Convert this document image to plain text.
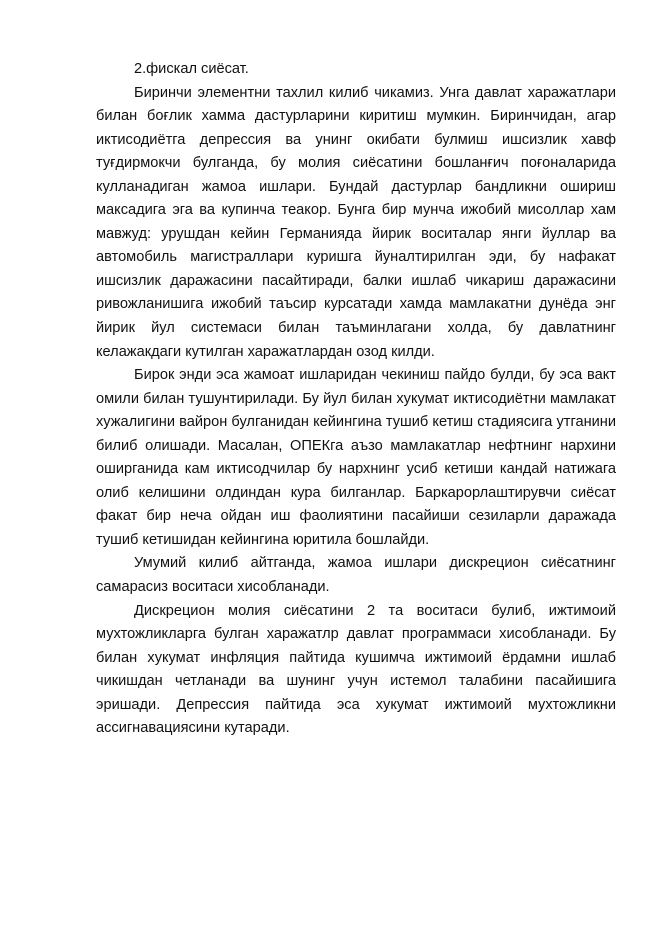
2.фискал сиёсат.

Биринчи элементни тахлил килиб чикамиз. Унга давлат харажатлари билан боғлик хамма дастурларини киритиш мумкин. Биринчидан, агар иктисодиётга депрессия ва унинг окибати булмиш ишсизлик хавф туғдирмокчи булганда, бу молия сиёсатини бошланғич поғоналарида кулланадиган жамоа ишлари. Бундай дастурлар бандликни ошириш максадига эга ва купинча теакор. Бунга бир мунча ижобий мисоллар хам мавжуд: урушдан кейин Германияда йирик воситалар янги йуллар ва автомобиль магистраллари куришга йуналтирилган эди, бу нафакат ишсизлик даражасини пасайтиради, балки ишлаб чикариш даражасини ривожланишига ижобий таъсир курсатади хамда мамлакатни дунёда энг йирик йул системаси билан таъминлагани холда, бу давлатнинг келажакдаги кутилган харажатлардан озод килди.

Бирок энди эса жамоат ишларидан чекиниш пайдо булди, бу эса вакт омили билан тушунтирилади. Бу йул билан хукумат иктисодиётни мамлакат хужалигини вайрон булганидан кейингина тушиб кетиш стадиясига утганини билиб олишади. Масалан, ОПЕКга аъзо мамлакатлар нефтнинг нархини оширганида кам иктисодчилар бу нархнинг усиб кетиши кандай натижага олиб келишини олдиндан кура билганлар. Баркарорлаштирувчи сиёсат факат бир неча ойдан иш фаолиятини пасайиши сезиларли даражада тушиб кетишидан кейингина юритила бошлайди.

Умумий килиб айтганда, жамоа ишлари дискрецион сиёсатнинг самарасиз воситаси хисобланади.

Дискрецион молия сиёсатини 2 та воситаси булиб, ижтимоий мухтожликларга булган харажатлр давлат программаси хисобланади. Бу билан хукумат инфляция пайтида кушимча ижтимоий ёрдамни ишлаб чикишдан четланади ва шунинг учун истемол талабини пасайишига эришади. Депрессия пайтида эса хукумат ижтимоий мухтожликни ассигнавациясини кутаради.
